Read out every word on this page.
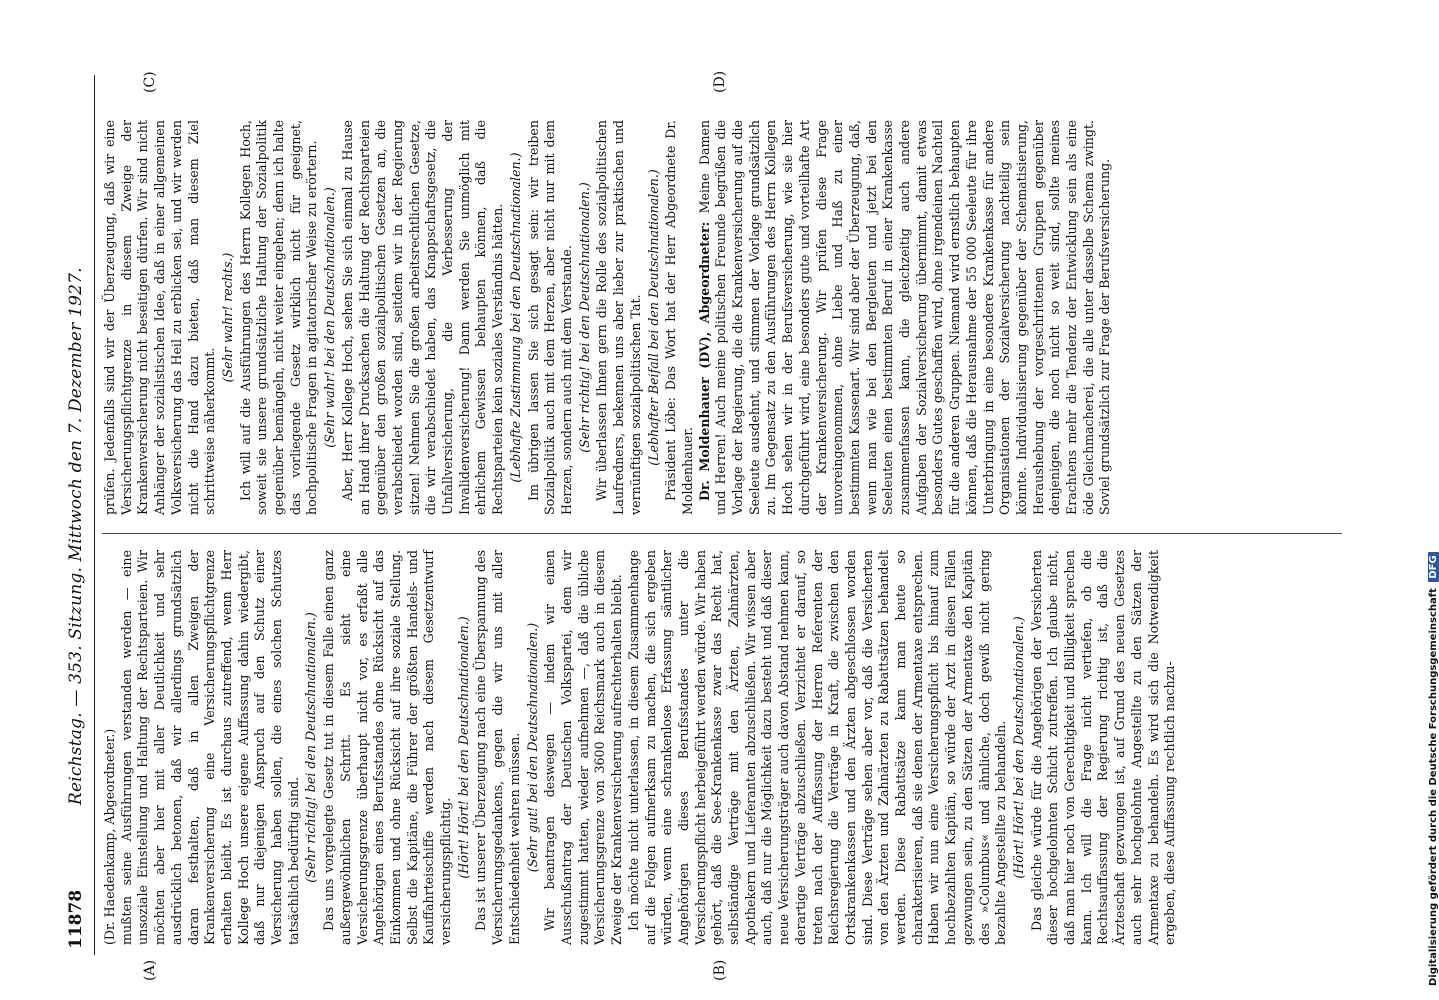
11878
Reichstag. — 353. Sitzung. Mittwoch den 7. Dezember 1927.
(A)	(B)
(C)	(D)

(Dr. Haedenkamp, Abgeordneter.) mußten seine Ausführungen verstanden werden — eine unsoziale Einstellung und Haltung der Rechtsparteien. Wir möchten aber hier mit aller Deutlichkeit und sehr ausdrücklich betonen, daß wir allerdings grundsätzlich daran festhalten, daß in allen Zweigen der Krankenversicherung eine Versicherungspflichtgrenze erhalten bleibt. Es ist durchaus zutreffend, wenn Herr Kollege Hoch unsere eigene Auffassung dahin wiedergibt, daß nur diejenigen Anspruch auf den Schutz einer Versicherung haben sollen, die eines solchen Schutzes tatsächlich bedürftig sind. (Sehr richtig! bei den Deutschnationalen.) Das uns vorgelegte Gesetz tut in diesem Falle einen ganz außergewöhnlichen Schritt. Es sieht eine Versicherungsgrenze überhaupt nicht vor, es erfaßt alle Angehörigen eines Berufsstandes ohne Rücksicht auf das Einkommen und ohne Rücksicht auf ihre soziale Stellung. Selbst die Kapitäne, die Führer der größten Handels- und Kauffahrteischiffe werden nach diesem Gesetzentwurf versicherungspflichtig. (Hört! Hört! bei den Deutschnationalen.) Das ist unserer Überzeugung nach eine Überspannung des Versicherungsgedankens, gegen die wir uns mit aller Entschiedenheit wehren müssen. (Sehr gut! bei den Deutschnationalen.) Wir beantragen deswegen — indem wir einen Ausschußantrag der Deutschen Volkspartei, dem wir zugestimmt hatten, wieder aufnehmen —, daß die übliche Versicherungsgrenze von 3600 Reichsmark auch in diesem Zweige der Krankenversicherung aufrechterhalten bleibt. Ich möchte nicht unterlassen, in diesem Zusammenhange auf die Folgen aufmerksam zu machen, die sich ergeben würden, wenn eine schrankenlose Erfassung sämtlicher Angehörigen dieses Berufsstandes unter die Versicherungspflicht herbeigeführt werden würde. Wir haben gehört, daß die See-Krankenkasse zwar das Recht hat, selbständige Verträge mit den Ärzten, Zahnärzten, Apothekern und Lieferanten abzuschließen. Wir wissen aber auch, daß nur die Möglichkeit dazu besteht und daß dieser neue Versicherungsträger auch davon Abstand nehmen kann, derartige Verträge abzuschließen. Verzichtet er darauf, so treten nach der Auffassung der Herren Referenten der Reichsregierung die Verträge in Kraft, die zwischen den Ortskrankenkassen und den Ärzten abgeschlossen worden sind. Diese Verträge sehen aber vor, daß die Versicherten von den Ärzten und Zahnärzten zu Rabattsätzen behandelt werden. Diese Rabattsätze kann man heute so charakterisieren, daß sie denen der Armentaxe entsprechen. Haben wir nun eine Versicherungspflicht bis hinauf zum hochbezahlten Kapitän, so würde der Arzt in diesen Fällen gezwungen sein, zu den Sätzen der Armentaxe den Kapitän des »Columbus« und ähnliche, doch gewiß nicht gering bezahlte Angestellte zu behandeln. (Hört! Hört! bei den Deutschnationalen.) Das gleiche würde für die Angehörigen der Versicherten dieser hochgelohnten Schicht zutreffen. Ich glaube nicht, daß man hier noch von Gerechtigkeit und Billigkeit sprechen kann. Ich will die Frage nicht vertiefen, ob die Rechtsauffassung der Regierung richtig ist, daß die Ärzteschaft gezwungen ist, auf Grund des neuen Gesetzes auch sehr hochgelohnte Angestellte zu den Sätzen der Armentaxe zu behandeln. Es wird sich die Notwendigkeit ergeben, diese Auffassung rechtlich nachzu-

prüfen. Jedenfalls sind wir der Überzeugung, daß wir eine Versicherungspflichtgrenze in diesem Zweige der Krankenversicherung nicht beseitigen dürfen. Wir sind nicht Anhänger der sozialistischen Idee, daß in einer allgemeinen Volksversicherung das Heil zu erblicken sei, und wir werden nicht die Hand dazu bieten, daß man diesem Ziel schrittweise näherkommt.

(Sehr wahr! rechts.) Ich will auf die Ausführungen des Herrn Kollegen Hoch, soweit sie unsere grundsätzliche Haltung der Sozialpolitik gegenüber bemängeln, nicht weiter eingehen; denn ich halte das vorliegende Gesetz wirklich nicht für geeignet, hochpolitische Fragen in agitatorischer Weise zu erörtern. (Sehr wahr! bei den Deutschnationalen.) Aber, Herr Kollege Hoch, sehen Sie sich einmal zu Hause an Hand ihrer Drucksachen die Haltung der Rechtsparteien gegenüber den großen sozialpolitischen Gesetzen an, die verabschiedet worden sind, seitdem wir in der Regierung sitzen! Nehmen Sie die großen arbeitsrechtlichen Gesetze, die wir verabschiedet haben, das Knappschaftsgesetz, die Unfallversicherung, die Verbesserung der Invalidenversicherung! Dann werden Sie unmöglich mit ehrlichem Gewissen behaupten können, daß die Rechtsparteien kein soziales Verständnis hätten. (Lebhafte Zustimmung bei den Deutschnationalen.) Im übrigen lassen Sie sich gesagt sein: wir treiben Sozialpolitik auch mit dem Herzen, aber nicht nur mit dem Herzen, sondern auch mit dem Verstande. (Sehr richtig! bei den Deutschnationalen.) Wir überlassen Ihnen gern die Rolle des sozialpolitischen Laufredners, bekennen uns aber lieber zur praktischen und vernünftigen sozialpolitischen Tat. (Lebhafter Beifall bei den Deutschnationalen.) Präsident Löbe: Das Wort hat der Herr Abgeordnete Dr. Moldenhauer. Dr. Moldenhauer (DV), Abgeordneter: Meine Damen und Herren! Auch meine politischen Freunde begrüßen die Vorlage der Regierung, die die Krankenversicherung auf die Seeleute ausdehnt, und stimmen der Vorlage grundsätzlich zu. Im Gegensatz zu den Ausführungen des Herrn Kollegen Hoch sehen wir in der Berufsversicherung, wie sie hier durchgeführt wird, eine besonders gute und vorteilhafte Art der Krankenversicherung. Wir prüfen diese Frage unvoreingenommen, ohne Liebe und Haß zu einer bestimmten Kassenart. Wir sind aber der Überzeugung, daß, wenn man wie bei den Bergleuten und jetzt bei den Seeleuten einen bestimmten Beruf in einer Krankenkasse zusammenfassen kann, die gleichzeitig auch andere Aufgaben der Sozialversicherung übernimmt, damit etwas besonders Gutes geschaffen wird, ohne irgendeinen Nachteil für die anderen Gruppen. Niemand wird ernstlich behaupten können, daß die Herausnahme der 55 000 Seeleute für ihre Unterbringung in eine besondere Krankenkasse für andere Organisationen der Sozialversicherung nachteilig sein könnte. Individualisierung gegenüber der Schematisierung, Heraushebung der vorgeschrittenen Gruppen gegenüber denjenigen, die noch nicht so weit sind, sollte meines Erachtens mehr die Tendenz der Entwicklung sein als eine öde Gleichmacherei, die alle unter dasselbe Schema zwingt. Soviel grundsätzlich zur Frage der Berufsversicherung.

Digitalisierung gefördert durch die Deutsche Forschungsgemeinschaft DFG
